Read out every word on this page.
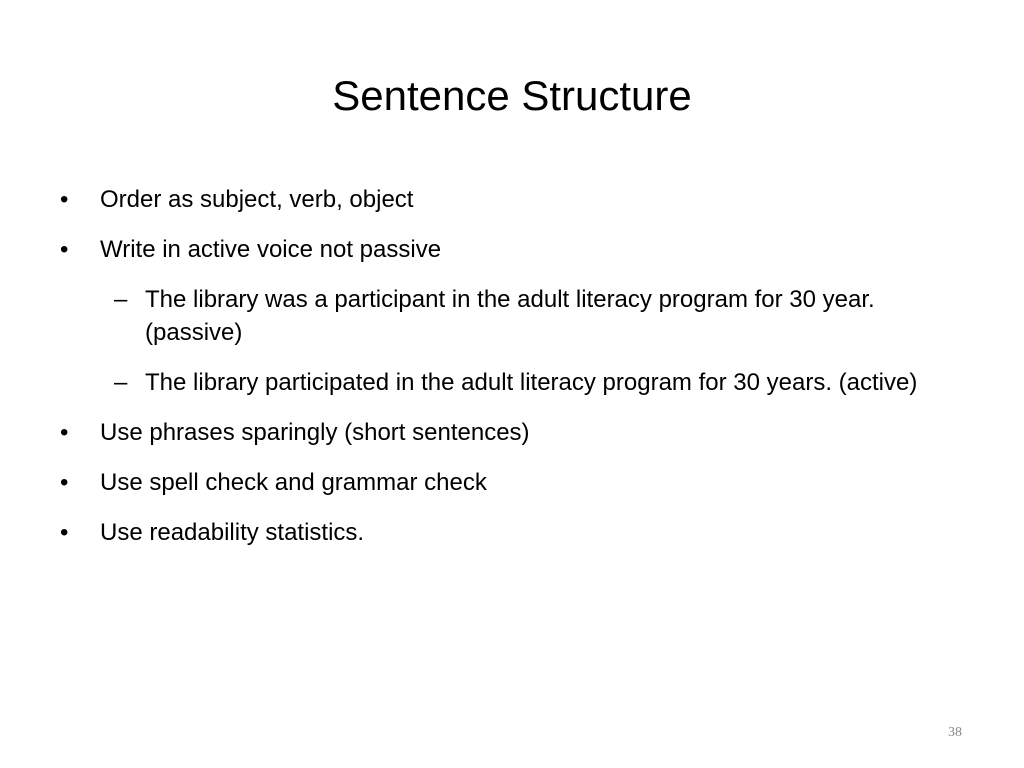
Sentence Structure
• Order as subject, verb, object
• Write in active voice not passive
– The library was a participant in the adult literacy program for 30 year. (passive)
– The library participated in the adult literacy program for 30 years. (active)
• Use phrases sparingly (short sentences)
• Use spell check and grammar check
• Use readability statistics.
38
